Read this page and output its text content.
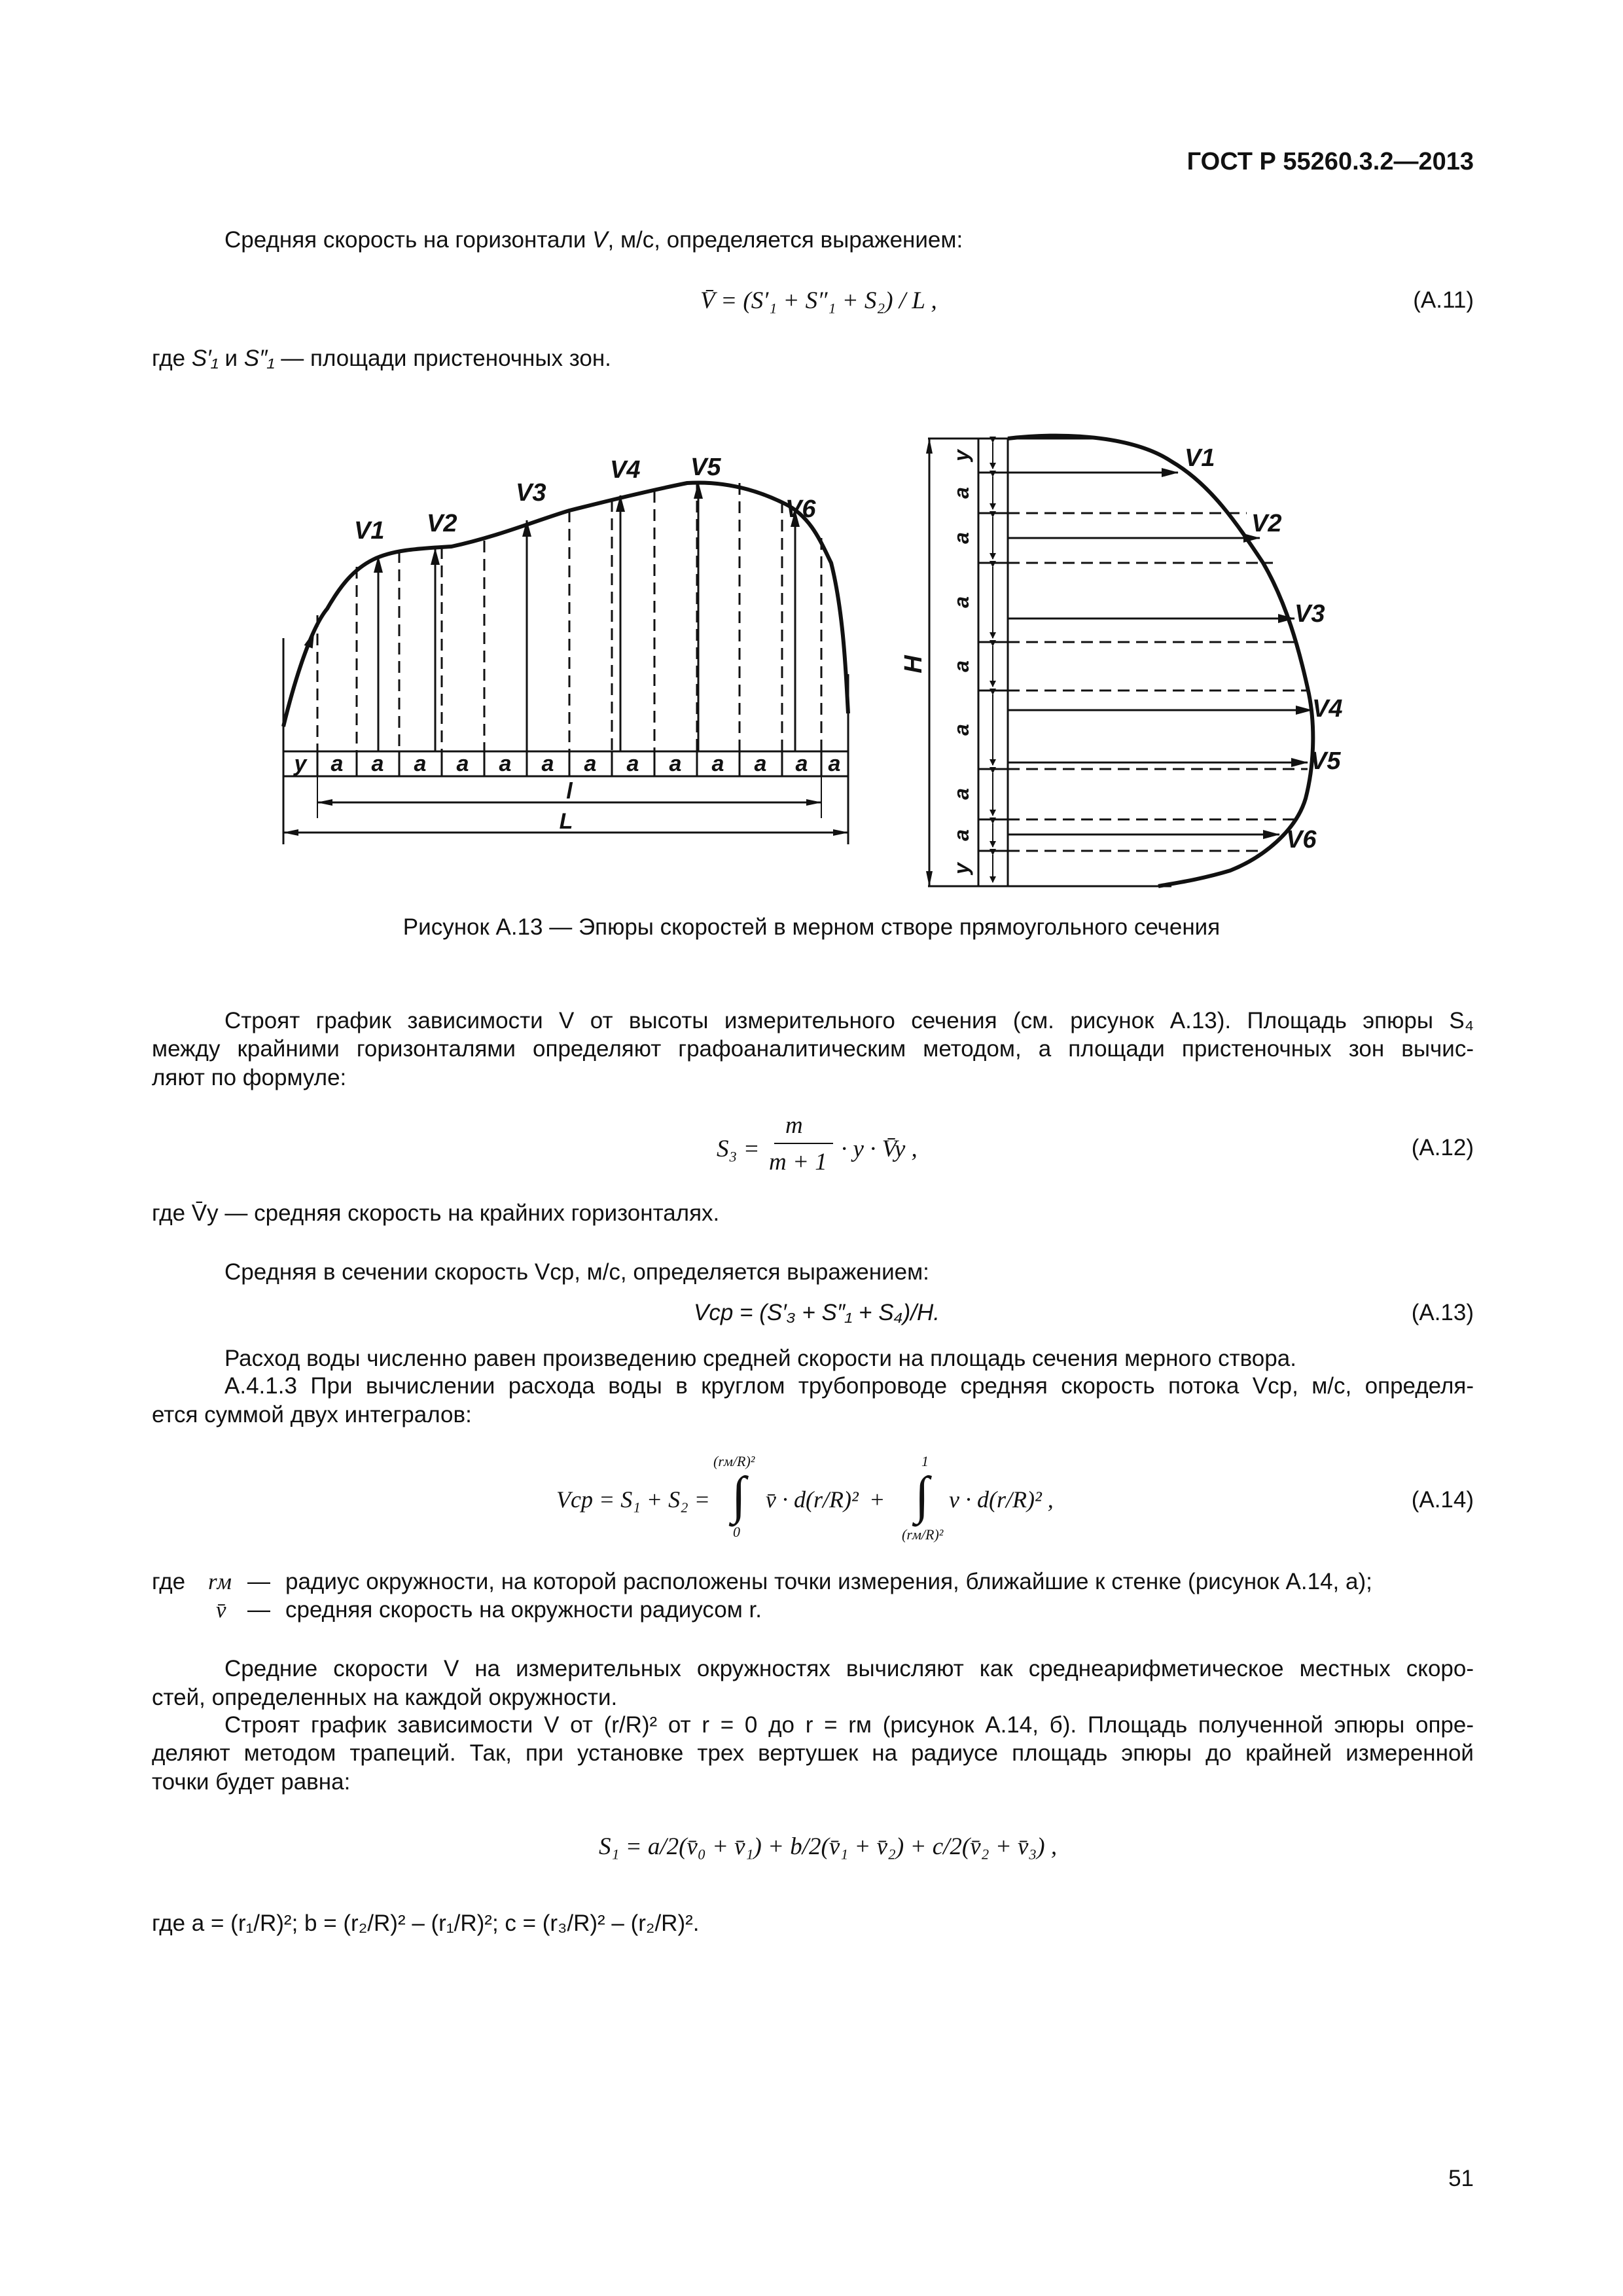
ГОСТ Р 55260.3.2—2013
Средняя скорость на горизонтали V, м/с, определяется выражением:
V̄ = (S′₁ + S″₁ + S₂) / L ,	(А.11)
где S′₁ и S″₁ — площади пристеночных зон.
V1 V2
V3
V4 V5
V6
y a a a a a a a a a a a a a
l
L
V1
V2
V3
V4
V5
V6
y
a
a
a
a
a
a
a
y
H
Рисунок А.13 — Эпюры скоростей в мерном створе прямоугольного сечения
Строят график зависимости V от высоты измерительного сечения (см. рисунок А.13). Площадь эпюры S₄
между крайними горизонталями определяют графоаналитическим методом, а площади пристеночных зон вычис-
ляют по формуле:
S₃ =
m
m + 1 · y · V̄y ,	(А.12)
где V̄y — средняя скорость на крайних горизонталях.
Средняя в сечении скорость Vср, м/с, определяется выражением:
Vср = (S′₃ + S″₁ + S₄)/H.	(А.13)
Расход воды численно равен произведению средней скорости на площадь сечения мерного створа.
А.4.1.3 При вычислении расхода воды в круглом трубопроводе средняя скорость потока Vср, м/с, определя-
ется суммой двух интегралов:
Vср = S₁ + S₂ =
(rм/R)²
∫
0
v̄ · d(r/R)² +
1
∫
(rм/R)²
v · d(r/R)² ,	(А.14)
где rм — радиус окружности, на которой расположены точки измерения, ближайшие к стенке (рисунок А.14, а);
v̄ — средняя скорость на окружности радиусом r.
Средние скорости V на измерительных окружностях вычисляют как среднеарифметическое местных скоро-
стей, определенных на каждой окружности.
Строят график зависимости V от (r/R)² от r = 0 до r = rм (рисунок А.14, б). Площадь полученной эпюры опре-
деляют методом трапеций. Так, при установке трех вертушек на радиусе площадь эпюры до крайней измеренной
точки будет равна:
S₁ = a/2(v̄₀ + v̄₁) + b/2(v̄₁ + v̄₂) + c/2(v̄₂ + v̄₃) ,
где a = (r₁/R)²; b = (r₂/R)² – (r₁/R)²; c = (r₃/R)² – (r₂/R)².
51
